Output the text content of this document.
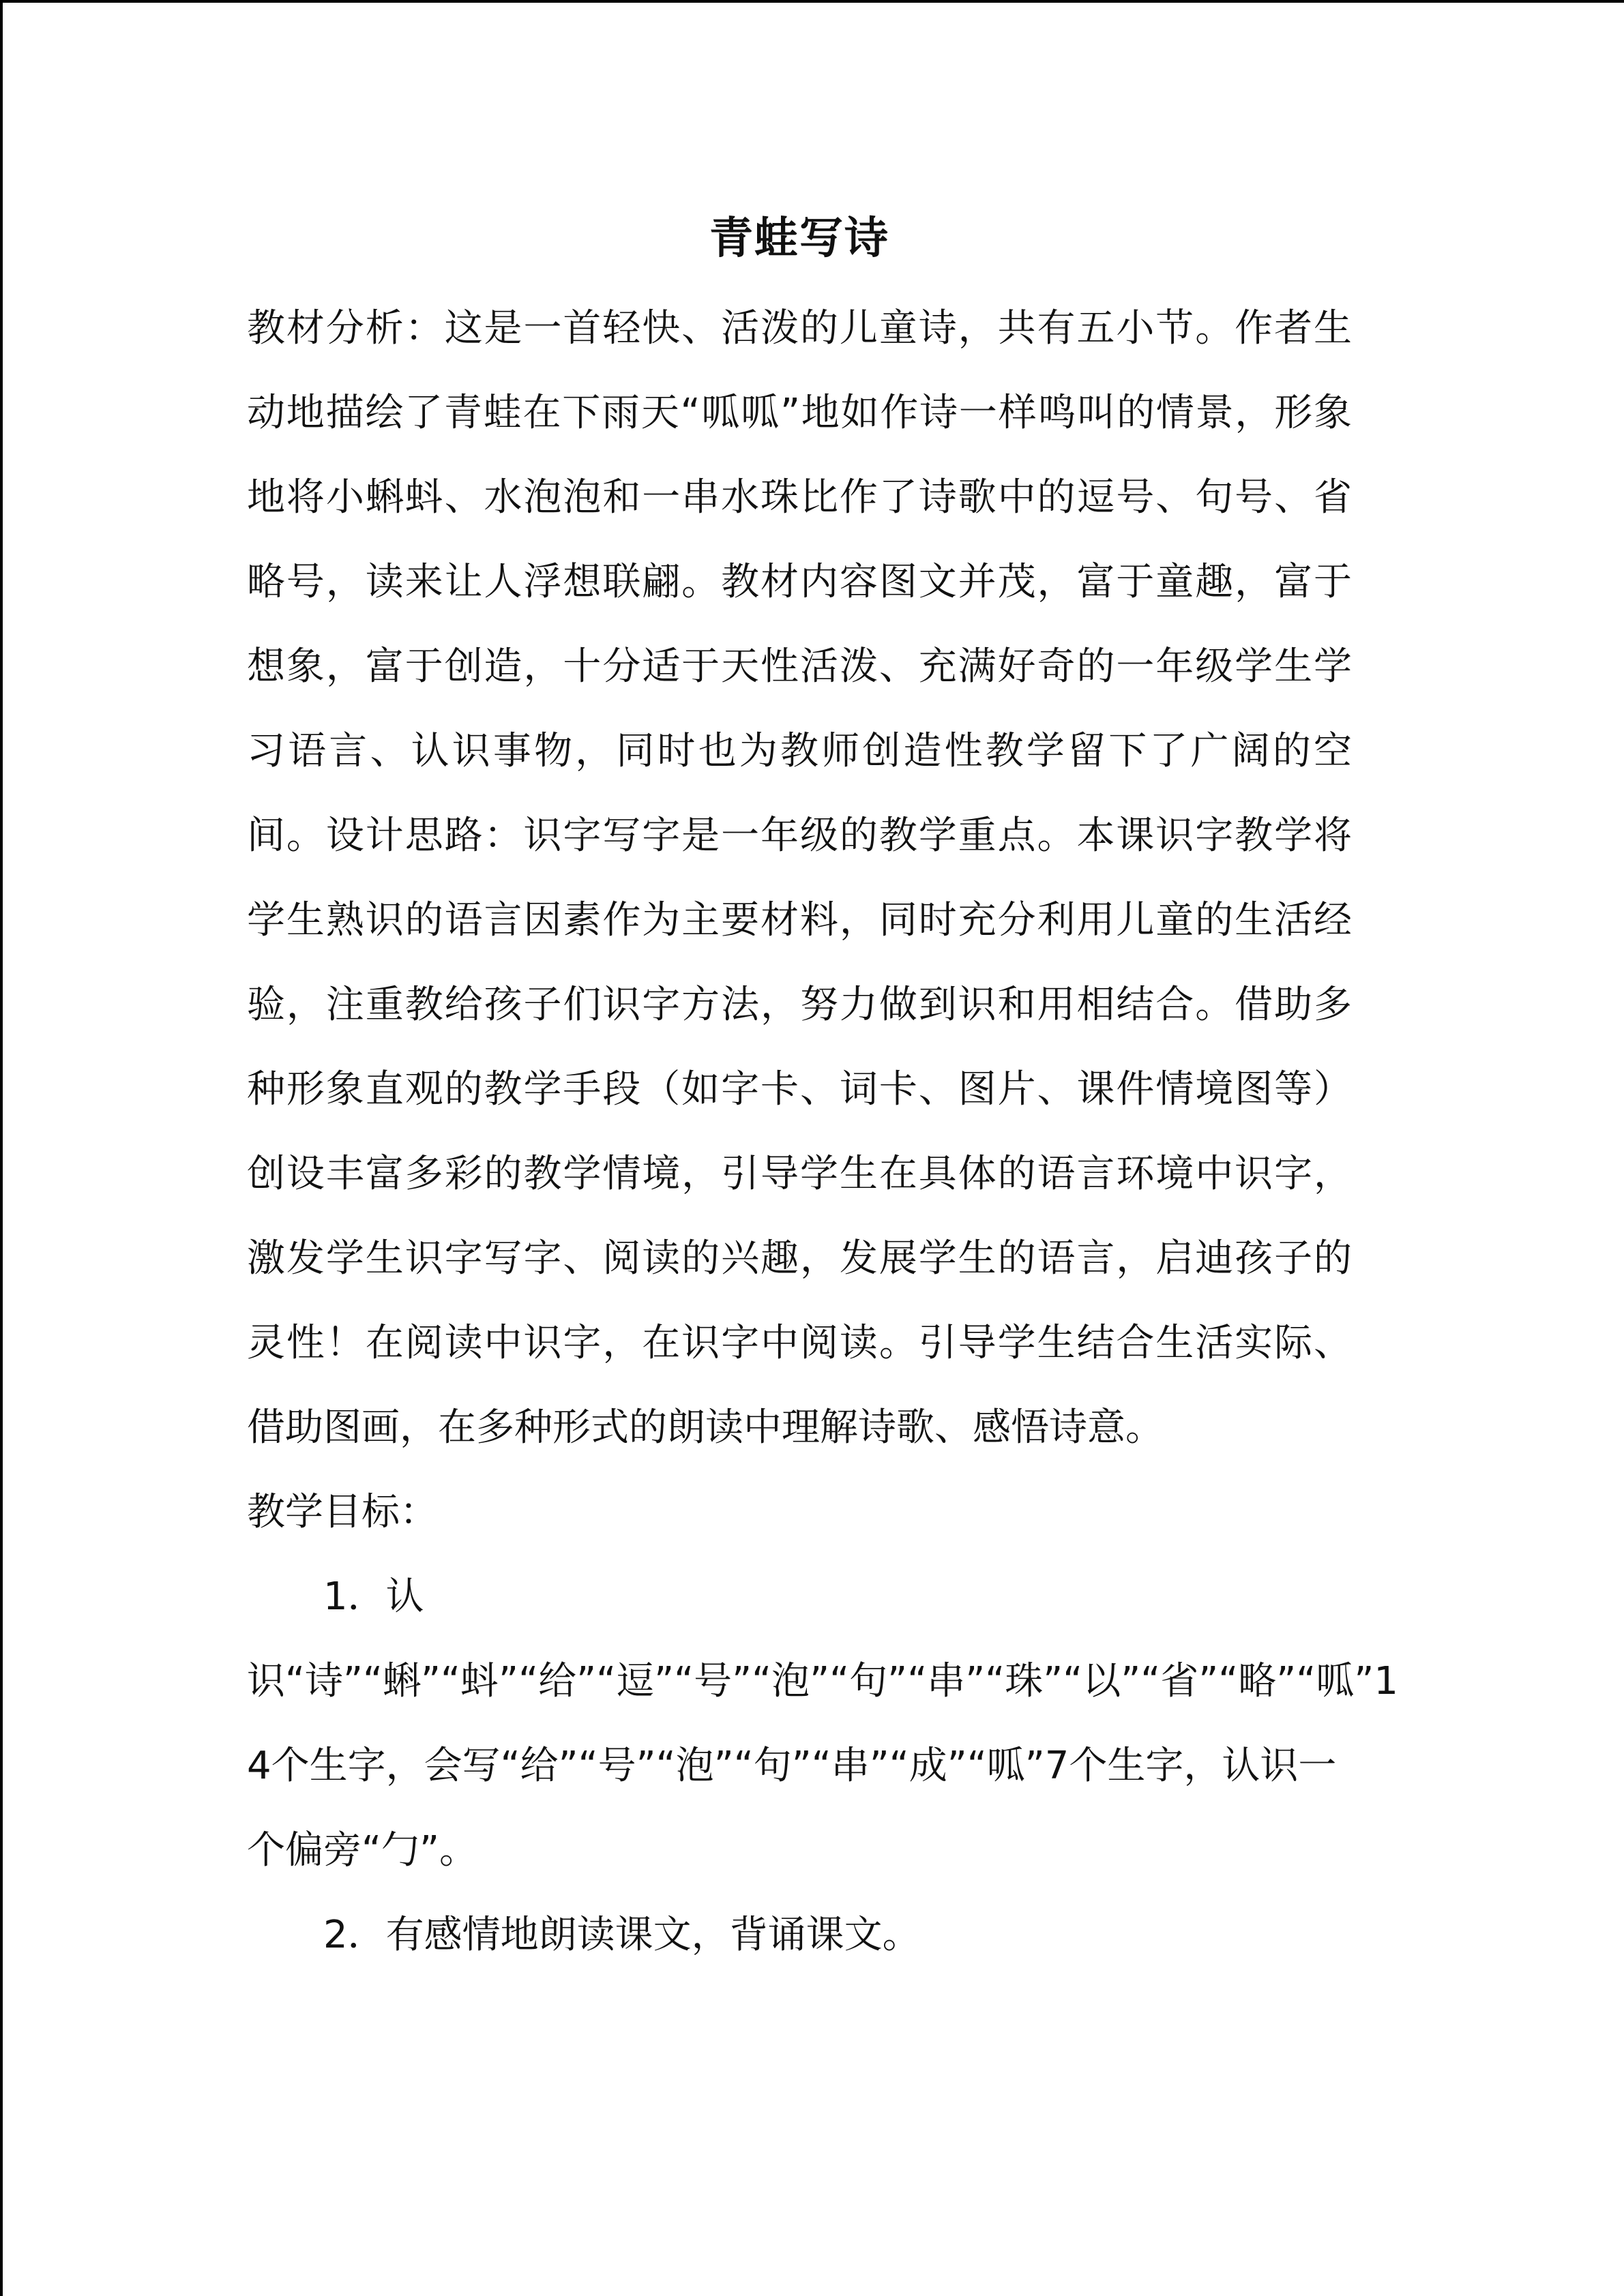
青蛙写诗

教材分析：这是一首轻快、活泼的儿童诗，共有五小节。作者生动地描绘了青蛙在下雨天“呱呱”地如作诗一样鸣叫的情景，形象地将小蝌蚪、水泡泡和一串水珠比作了诗歌中的逗号、句号、省略号，读来让人浮想联翩。教材内容图文并茂，富于童趣，富于想象，富于创造，十分适于天性活泼、充满好奇的一年级学生学习语言、认识事物，同时也为教师创造性教学留下了广阔的空间。设计思路：识字写字是一年级的教学重点。本课识字教学将学生熟识的语言因素作为主要材料，同时充分利用儿童的生活经验，注重教给孩子们识字方法，努力做到识和用相结合。借助多种形象直观的教学手段（如字卡、词卡、图片、课件情境图等）创设丰富多彩的教学情境，引导学生在具体的语言环境中识字，激发学生识字写字、阅读的兴趣，发展学生的语言，启迪孩子的灵性！在阅读中识字，在识字中阅读。引导学生结合生活实际、借助图画，在多种形式的朗读中理解诗歌、感悟诗意。

教学目标：

1．认识“诗”“蝌”“蚪”“给”“逗”“号”“泡”“句”“串”“珠”“以”“省”“略”“呱”14个生字，会写“给”“号”“泡”“句”“串”“成”“呱”7个生字，认识一个偏旁“勹”。

2．有感情地朗读课文，背诵课文。
